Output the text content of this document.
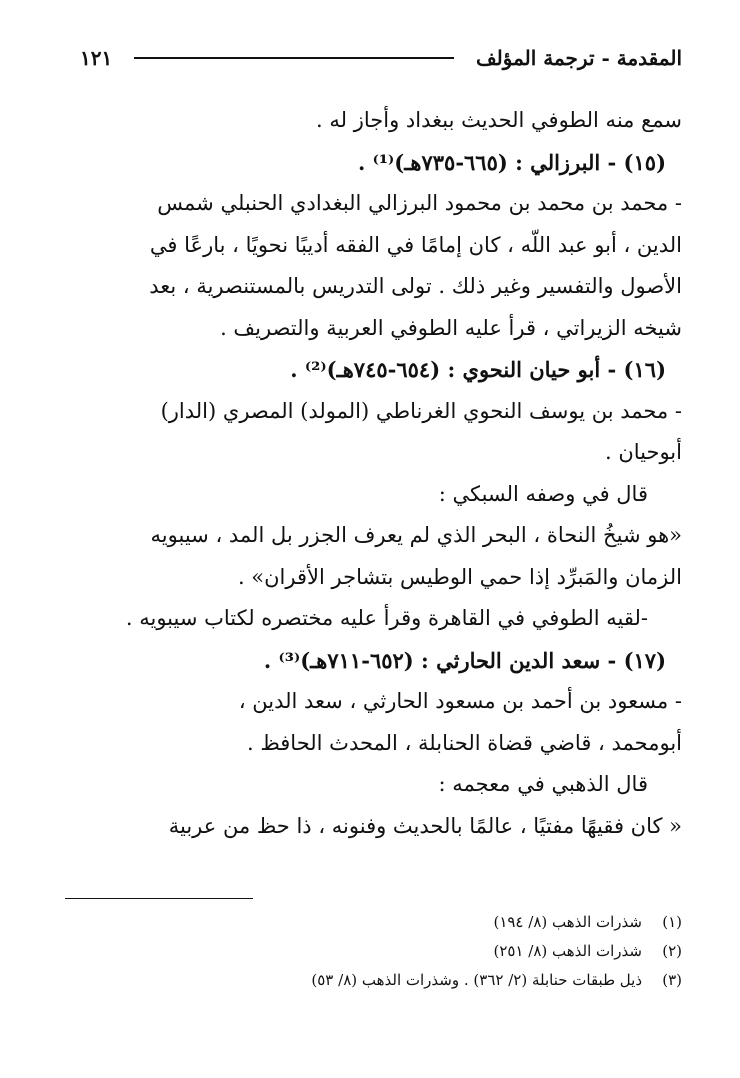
المقدمة - ترجمة المؤلف
١٢١
سمع منه الطوفي الحديث ببغداد وأجاز له .
(١٥) - البرزالي : (٦٦٥-٧٣٥هـ)⁽¹⁾ .
- محمد بن محمد بن محمود البرزالي البغدادي الحنبلي شمس
الدين ، أبو عبد اللّه ، كان إمامًا في الفقه أديبًا نحويًا ، بارعًا في
الأصول والتفسير وغير ذلك . تولى التدريس بالمستنصرية ، بعد
شيخه الزيراتي ، قرأ عليه الطوفي العربية والتصريف .
(١٦) - أبو حيان النحوي : (٦٥٤-٧٤٥هـ)⁽²⁾ .
- محمد بن يوسف النحوي الغرناطي (المولد) المصري (الدار)
أبوحيان .
قال في وصفه السبكي :
«هو شيخُ النحاة ، البحر الذي لم يعرف الجزر بل المد ، سيبويه
الزمان والمَبرِّد إذا حمي الوطيس بتشاجر الأقران» .
-لقيه الطوفي في القاهرة وقرأ عليه مختصره لكتاب سيبويه .
(١٧) - سعد الدين الحارثي : (٦٥٢-٧١١هـ)⁽³⁾ .
- مسعود بن أحمد بن مسعود الحارثي ، سعد الدين ،
أبومحمد ، قاضي قضاة الحنابلة ، المحدث الحافظ .
قال الذهبي في معجمه :
« كان فقيهًا مفتيًا ، عالمًا بالحديث وفنونه ، ذا حظ من عربية
(١)شذرات الذهب (٨/ ١٩٤)
(٢)شذرات الذهب (٨/ ٢٥١)
(٣)ذيل طبقات حنابلة (٢/ ٣٦٢) . وشذرات الذهب (٨/ ٥٣)
